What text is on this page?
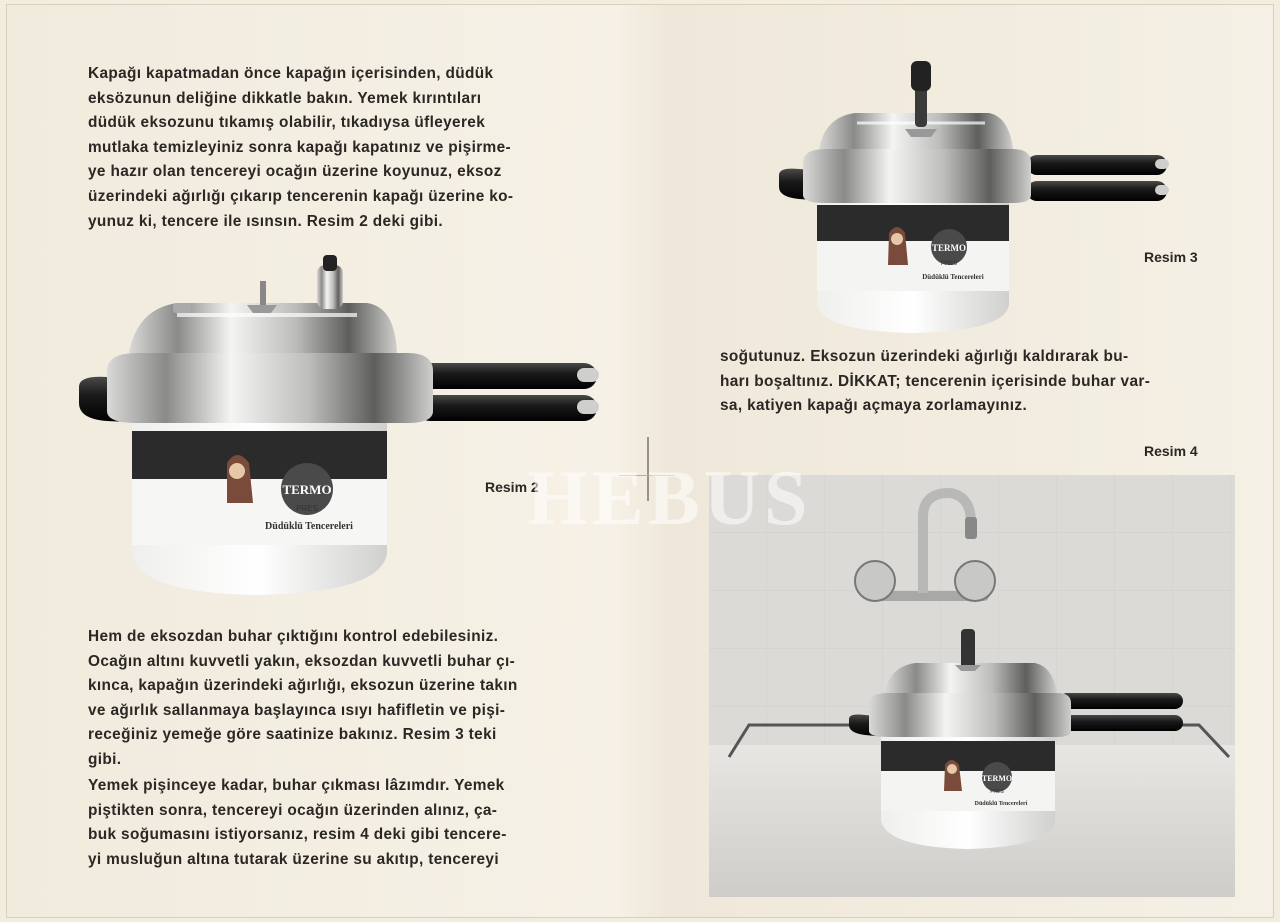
Kapağı kapatmadan önce kapağın içerisinden, düdük
eksözunun deliğine dikkatle bakın. Yemek kırıntıları
düdük eksozunu tıkamış olabilir, tıkadıysa üfleyerek
mutlaka temizleyiniz sonra kapağı kapatınız ve pişirme-
ye hazır olan tencereyi ocağın üzerine koyunuz, eksoz
üzerindeki ağırlığı çıkarıp tencerenin kapağı üzerine ko-
yunuz ki, tencere ile ısınsın. Resim 2 deki gibi.

Hem de eksozdan buhar çıktığını kontrol edebilesiniz.
Ocağın altını kuvvetli yakın, eksozdan kuvvetli buhar çı-
kınca, kapağın üzerindeki ağırlığı, eksozun üzerine takın
ve ağırlık sallanmaya başlayınca ısıyı hafifletin ve pişi-
receğiniz yemeğe göre saatinize bakınız. Resim 3 teki
gibi.

Yemek pişinceye kadar, buhar çıkması lâzımdır. Yemek
piştikten sonra, tencereyi ocağın üzerinden alınız, ça-
buk soğumasını istiyorsanız, resim 4 deki gibi tencere-
yi musluğun altına tutarak üzerine su akıtıp, tencereyi

soğutunuz. Eksozun üzerindeki ağırlığı kaldırarak bu-
harı boşaltınız. DİKKAT; tencerenin içerisinde buhar var-
sa, katiyen kapağı açmaya zorlamayınız.

Resim 2
Resim 3
Resim 4
TERMO
PRES
Düdüklü Tencereleri
TERMO
PRES
Düdüklü Tencereleri
TERMO
PRES
Düdüklü Tencereleri
HEBUS
